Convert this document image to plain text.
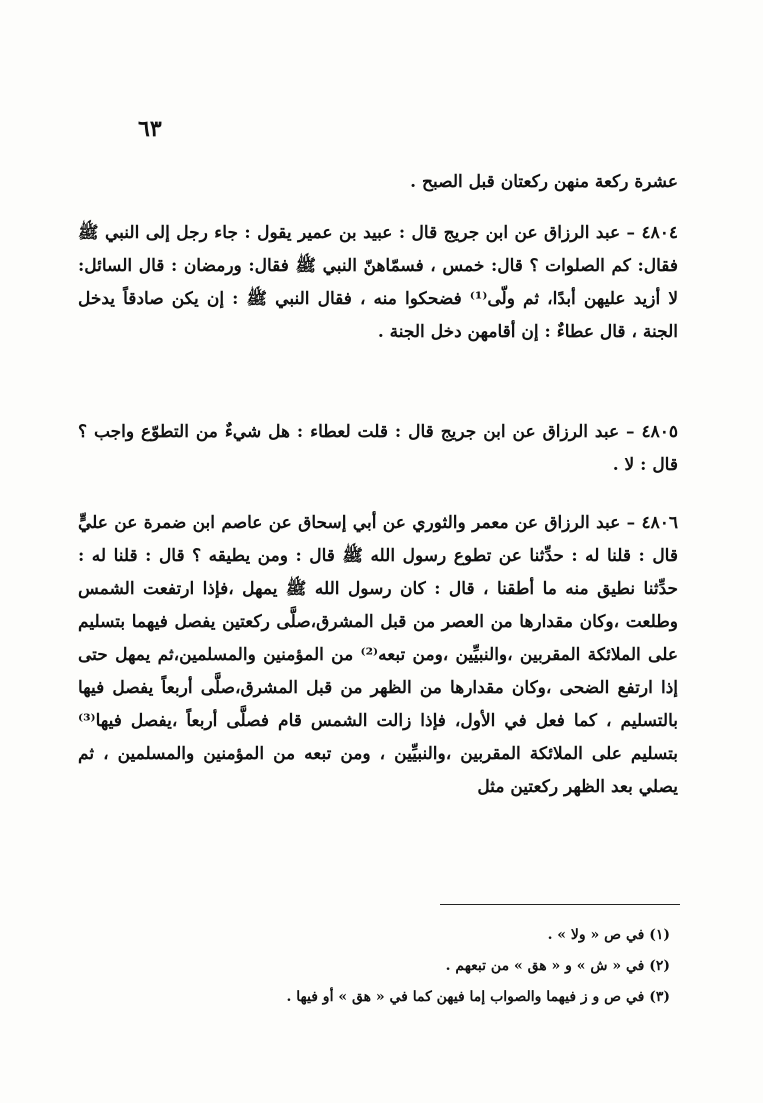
٦٣

عشرة ركعة منهن ركعتان قبل الصبح .

٤٨٠٤ – عبد الرزاق عن ابن جريج قال : عبيد بن عمير يقول : جاء رجل إلى النبي ﷺ فقال: كم الصلوات ؟ قال: خمس ، فسمّاهنّ النبي ﷺ فقال: ورمضان : قال السائل: لا أزيد عليهن أبدًا، ثم ولّى⁽¹⁾ فضحكوا منه ، فقال النبي ﷺ : إن يكن صادقاً يدخل الجنة ، قال عطاءٌ : إن أقامهن دخل الجنة .

٤٨٠٥ – عبد الرزاق عن ابن جريج قال : قلت لعطاء : هل شيءٌ من التطوّع واجب ؟ قال : لا .

٤٨٠٦ – عبد الرزاق عن معمر والثوري عن أبي إسحاق عن عاصم ابن ضمرة عن عليٍّ قال : قلنا له : حدِّثنا عن تطوع رسول الله ﷺ قال : ومن يطيقه ؟ قال : قلنا له : حدِّثنا نطيق منه ما أطقنا ، قال : كان رسول الله ﷺ يمهل ،فإذا ارتفعت الشمس وطلعت ،وكان مقدارها من العصر من قبل المشرق،صلَّى ركعتين يفصل فيهما بتسليم على الملائكة المقربين ،والنبيِّين ،ومن تبعه⁽²⁾ من المؤمنين والمسلمين،ثم يمهل حتى إذا ارتفع الضحى ،وكان مقدارها من الظهر من قبل المشرق،صلَّى أربعاً يفصل فيها بالتسليم ، كما فعل في الأول، فإذا زالت الشمس قام فصلَّى أربعاً ،يفصل فيها⁽³⁾ بتسليم على الملائكة المقربين ،والنبيِّين ، ومن تبعه من المؤمنين والمسلمين ، ثم يصلي بعد الظهر ركعتين مثل

(١) في ص « ولا » .
(٢) في « ش » و « هق » من تبعهم .
(٣) في ص و ز فيهما والصواب إما فيهن كما في « هق » أو فيها .
